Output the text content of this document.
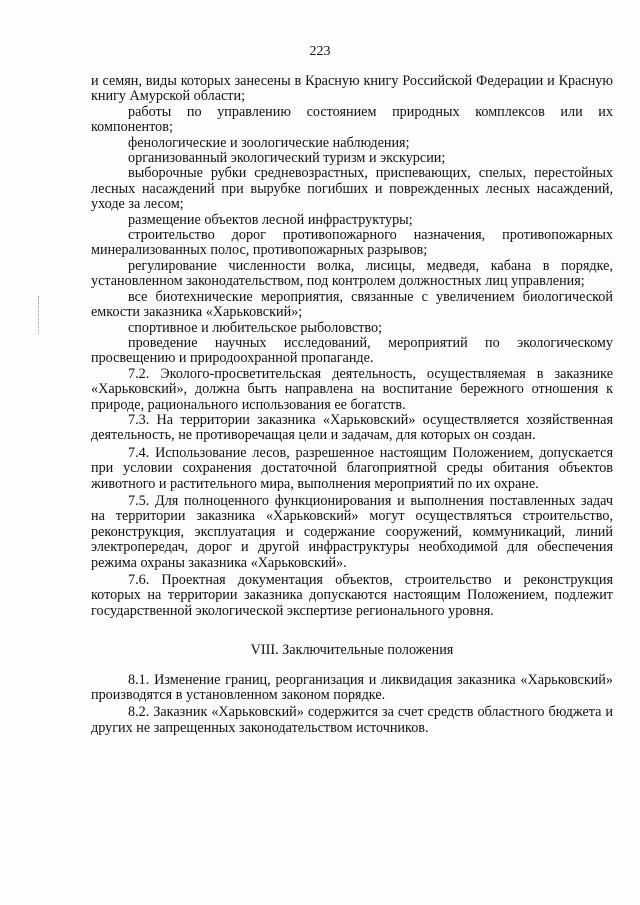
223

и семян, виды которых занесены в Красную книгу Российской Федерации и Красную книгу Амурской области;

работы по управлению состоянием природных комплексов или их компонентов;

фенологические и зоологические наблюдения;

организованный экологический туризм и экскурсии;

выборочные рубки средневозрастных, приспевающих, спелых, перестойных лесных насаждений при вырубке погибших и поврежденных лесных насаждений, уходе за лесом;

размещение объектов лесной инфраструктуры;

строительство дорог противопожарного назначения, противопожарных минерализованных полос, противопожарных разрывов;

регулирование численности волка, лисицы, медведя, кабана в порядке, установленном законодательством, под контролем должностных лиц управления;

все биотехнические мероприятия, связанные с увеличением биологической емкости заказника «Харьковский»;

спортивное и любительское рыболовство;

проведение научных исследований, мероприятий по экологическому просвещению и природоохранной пропаганде.

7.2. Эколого-просветительская деятельность, осуществляемая в заказнике «Харьковский», должна быть направлена на воспитание бережного отношения к природе, рационального использования ее богатств.

7.3. На территории заказника «Харьковский» осуществляется хозяйственная деятельность, не противоречащая цели и задачам, для которых он создан.

7.4. Использование лесов, разрешенное настоящим Положением, допускается при условии сохранения достаточной благоприятной среды обитания объектов животного и растительного мира, выполнения мероприятий по их охране.

7.5. Для полноценного функционирования и выполнения поставленных задач на территории заказника «Харьковский» могут осуществляться строительство, реконструкция, эксплуатация и содержание сооружений, коммуникаций, линий электропередач, дорог и другой инфраструктуры необходимой для обеспечения режима охраны заказника «Харьковский».

7.6. Проектная документация объектов, строительство и реконструкция которых на территории заказника допускаются настоящим Положением, подлежит государственной экологической экспертизе регионального уровня.

VIII. Заключительные положения

8.1. Изменение границ, реорганизация и ликвидация заказника «Харьковский» производятся в установленном законом порядке.

8.2. Заказник «Харьковский» содержится за счет средств областного бюджета и других не запрещенных законодательством источников.
